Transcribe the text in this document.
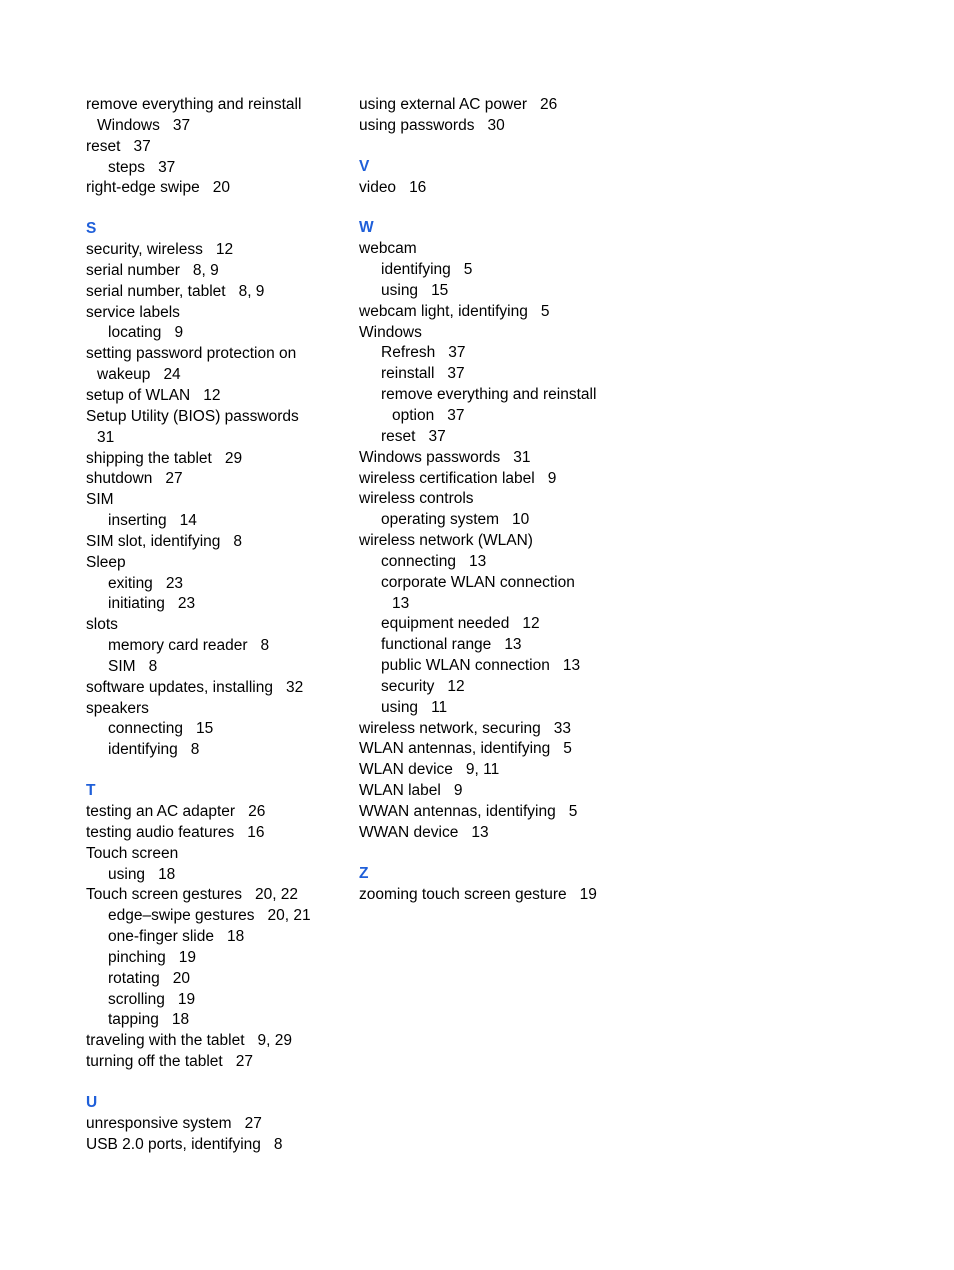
remove everything and reinstall
Windows 37
reset 37
steps 37
right-edge swipe 20
S
security, wireless 12
serial number 8, 9
serial number, tablet 8, 9
service labels
locating 9
setting password protection on
wakeup 24
setup of WLAN 12
Setup Utility (BIOS) passwords
31
shipping the tablet 29
shutdown 27
SIM
inserting 14
SIM slot, identifying 8
Sleep
exiting 23
initiating 23
slots
memory card reader 8
SIM 8
software updates, installing 32
speakers
connecting 15
identifying 8
T
testing an AC adapter 26
testing audio features 16
Touch screen
using 18
Touch screen gestures 20, 22
edge–swipe gestures 20, 21
one-finger slide 18
pinching 19
rotating 20
scrolling 19
tapping 18
traveling with the tablet 9, 29
turning off the tablet 27
U
unresponsive system 27
USB 2.0 ports, identifying 8
using external AC power 26
using passwords 30
V
video 16
W
webcam
identifying 5
using 15
webcam light, identifying 5
Windows
Refresh 37
reinstall 37
remove everything and reinstall
option 37
reset 37
Windows passwords 31
wireless certification label 9
wireless controls
operating system 10
wireless network (WLAN)
connecting 13
corporate WLAN connection
13
equipment needed 12
functional range 13
public WLAN connection 13
security 12
using 11
wireless network, securing 33
WLAN antennas, identifying 5
WLAN device 9, 11
WLAN label 9
WWAN antennas, identifying 5
WWAN device 13
Z
zooming touch screen gesture 19
